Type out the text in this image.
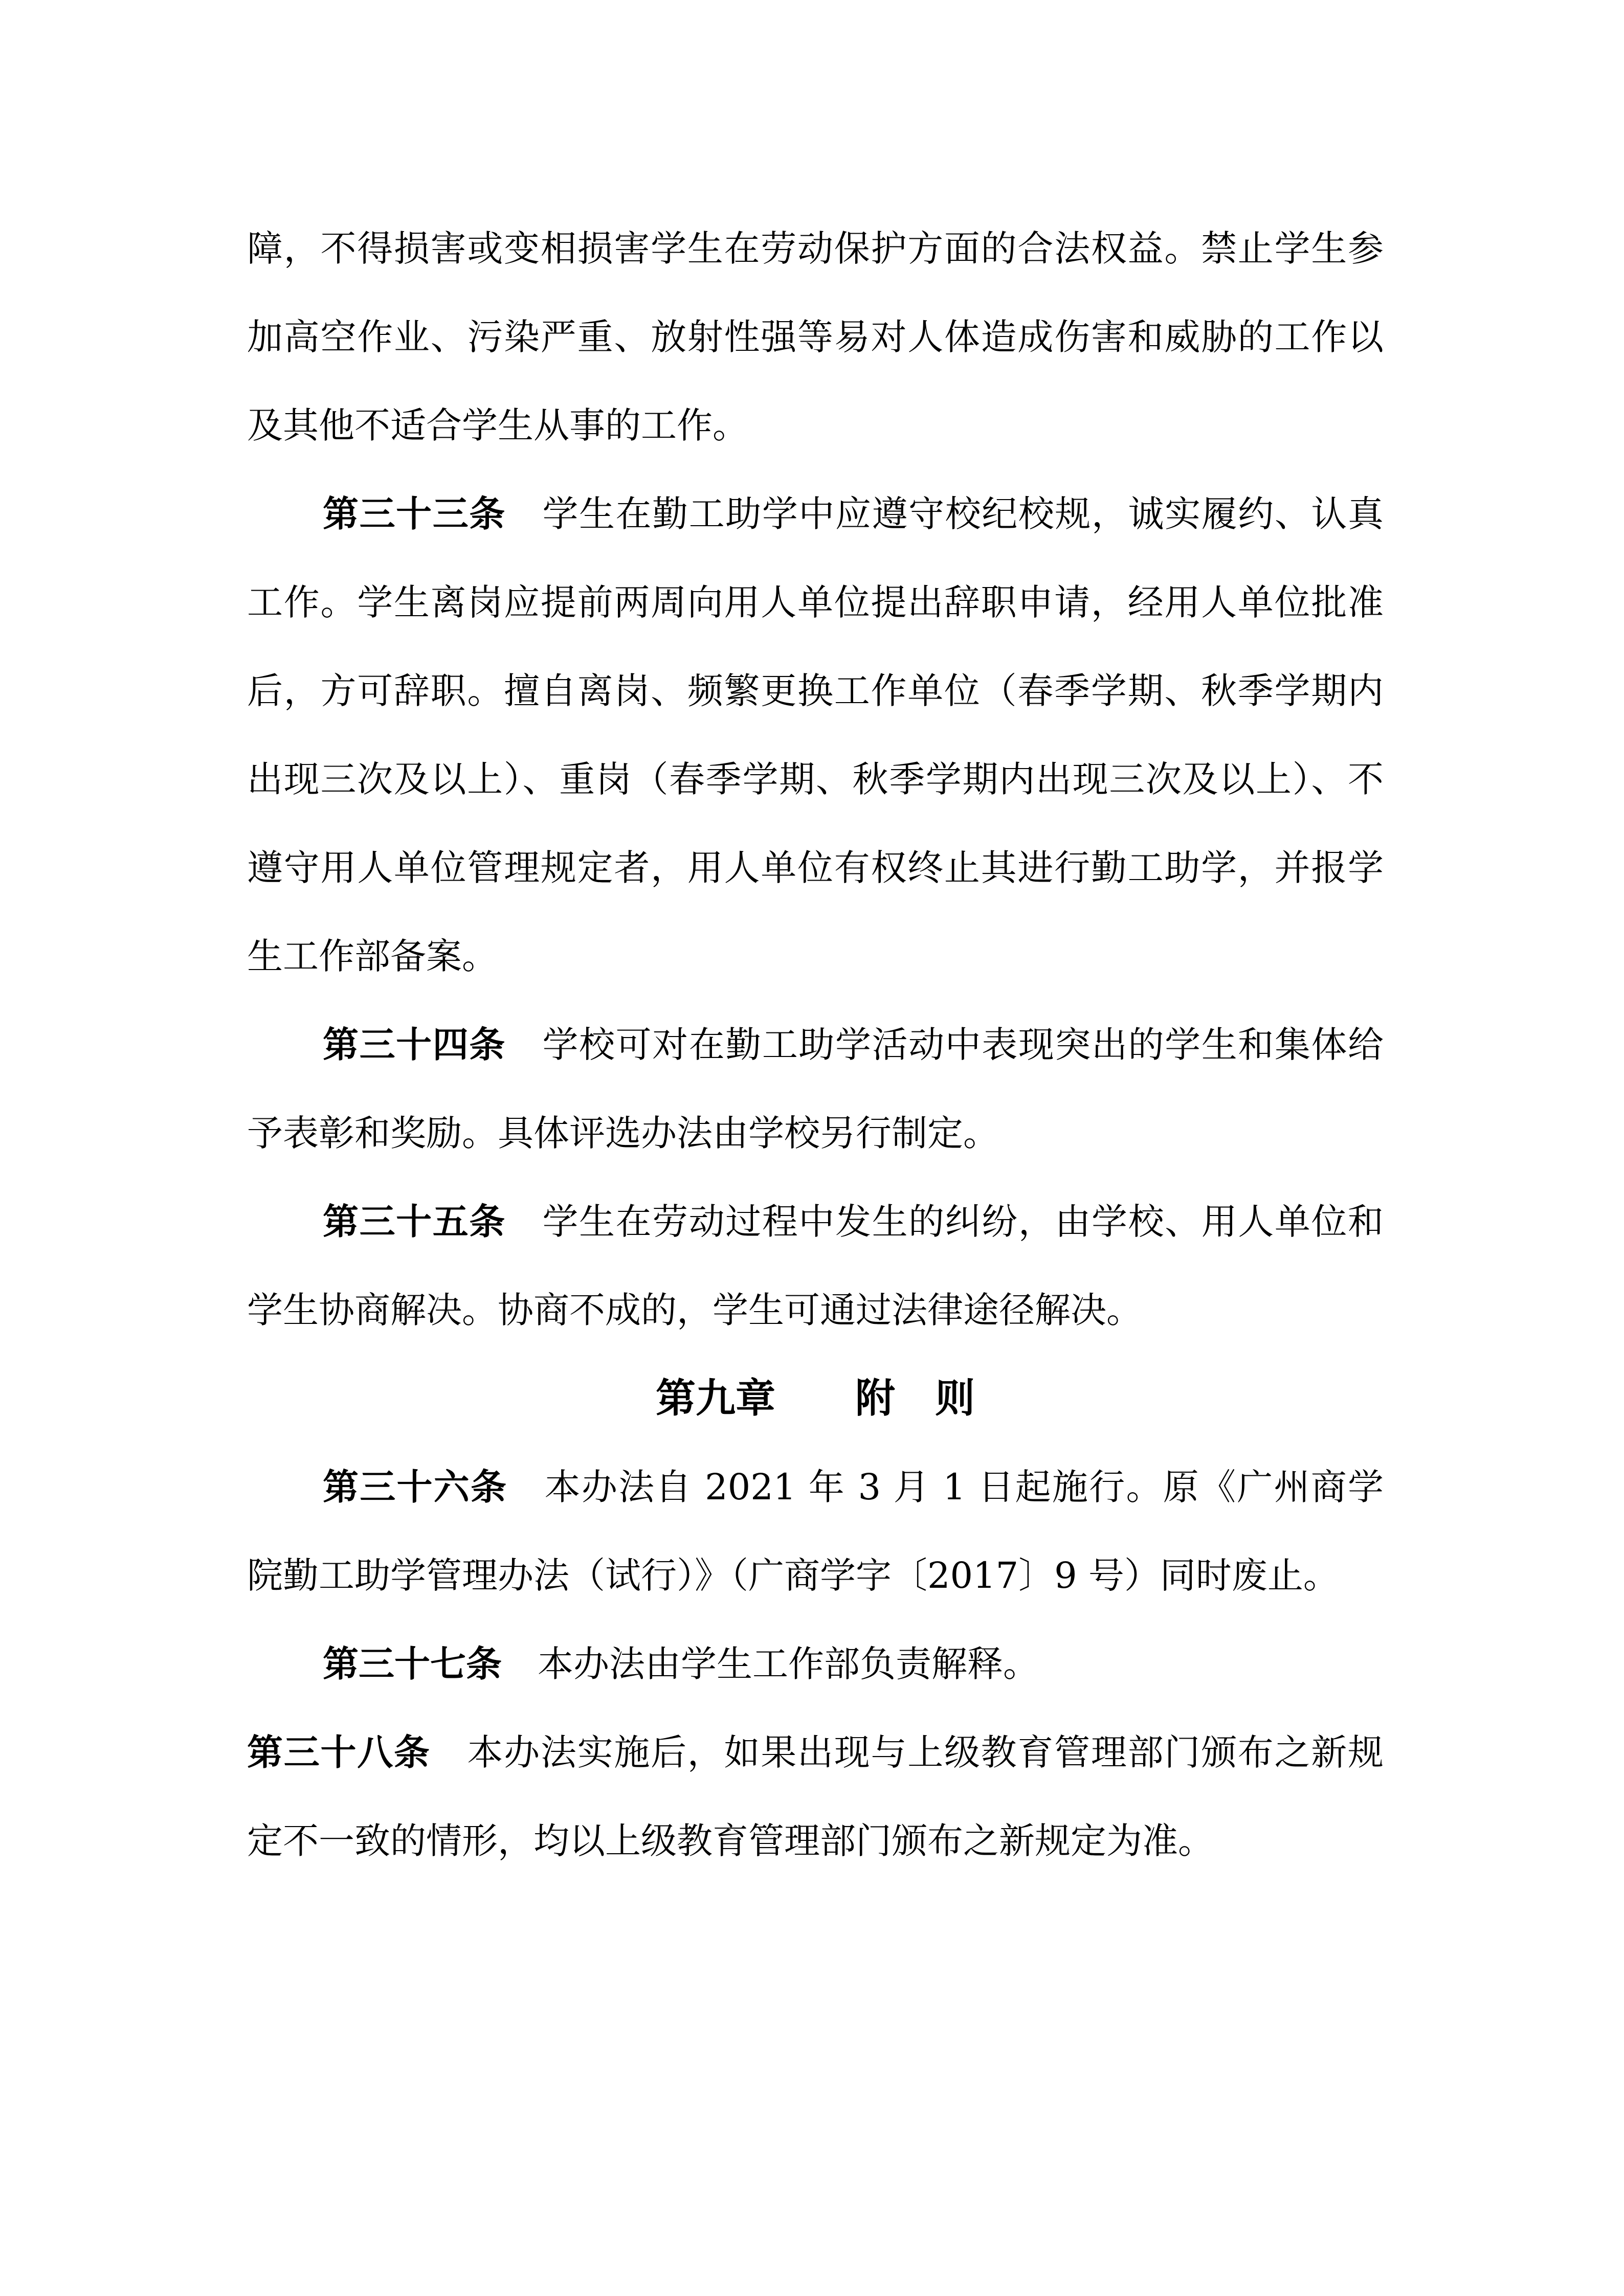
障，不得损害或变相损害学生在劳动保护方面的合法权益。禁止学生参加高空作业、污染严重、放射性强等易对人体造成伤害和威胁的工作以及其他不适合学生从事的工作。

第三十三条　 学生在勤工助学中应遵守校纪校规，诚实履约、认真工作。学生离岗应提前两周向用人单位提出辞职申请，经用人单位批准后，方可辞职。擅自离岗、频繁更换工作单位（春季学期、秋季学期内出现三次及以上）、重岗（春季学期、秋季学期内出现三次及以上）、不遵守用人单位管理规定者，用人单位有权终止其进行勤工助学，并报学生工作部备案。

第三十四条　 学校可对在勤工助学活动中表现突出的学生和集体给予表彰和奖励。具体评选办法由学校另行制定。

第三十五条　 学生在劳动过程中发生的纠纷，由学校、用人单位和学生协商解决。协商不成的，学生可通过法律途径解决。

第九章　　附　则

第三十六条　 本办法自 2021 年 3 月 1 日起施行。原《广州商学院勤工助学管理办法（试行）》（广商学字〔2017〕9 号）同时废止。

第三十七条　 本办法由学生工作部负责解释。

第三十八条　 本办法实施后，如果出现与上级教育管理部门颁布之新规定不一致的情形，均以上级教育管理部门颁布之新规定为准。
